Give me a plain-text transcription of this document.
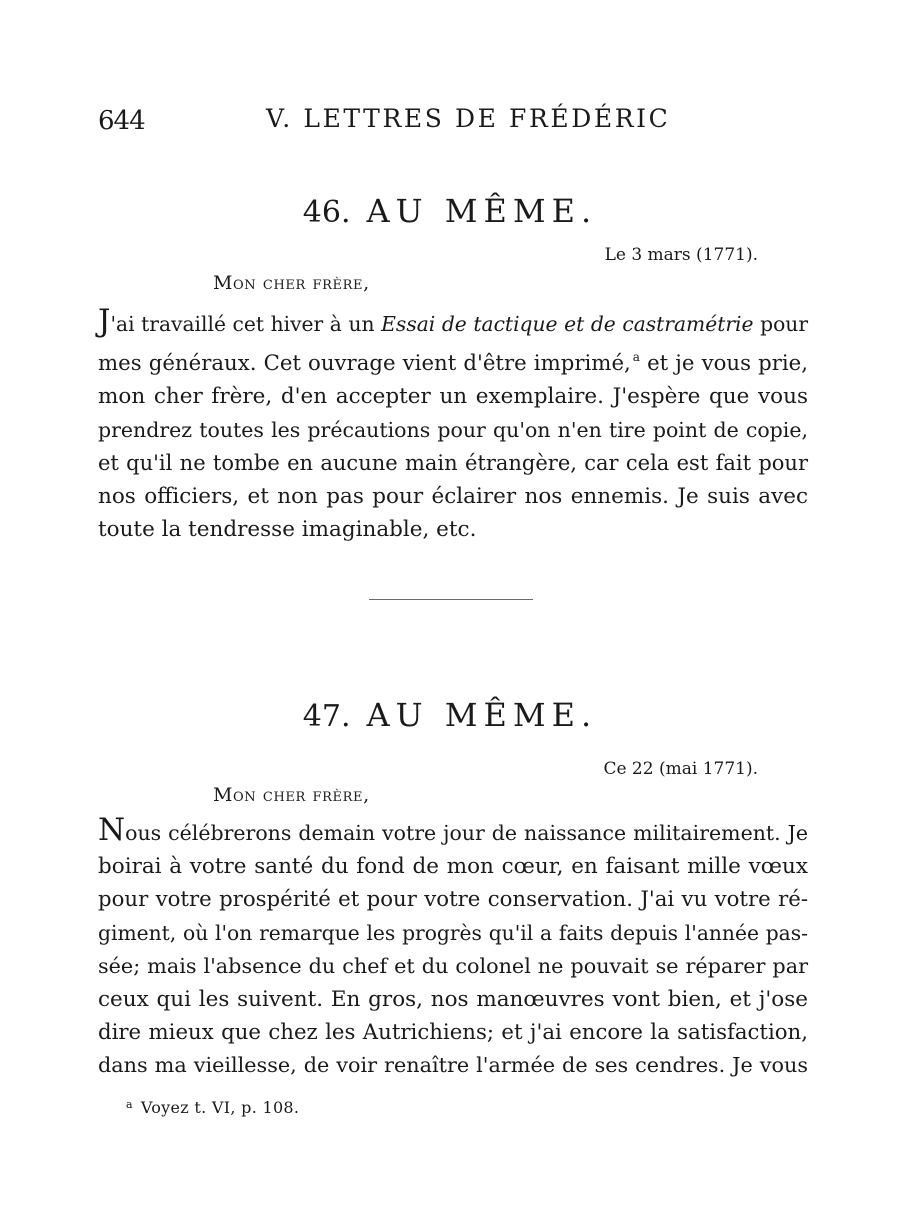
644	V. LETTRES DE FRÉDÉRIC
46. AU MÊME.
Le 3 mars (1771).
Mon cher frère,
J'ai travaillé cet hiver à un Essai de tactique et de castramétrie pour
mes généraux. Cet ouvrage vient d'être imprimé, $^a$ et je vous prie,
mon cher frère, d'en accepter un exemplaire. J'espère que vous
prendrez toutes les précautions pour qu'on n'en tire point de copie,
et qu'il ne tombe en aucune main étrangère, car cela est fait pour
nos officiers, et non pas pour éclairer nos ennemis. Je suis avec
toute la tendresse imaginable, etc.
47. AU MÊME.
Ce 22 (mai 1771).
Mon cher frère,
Nous célébrerons demain votre jour de naissance militairement. Je
boirai à votre santé du fond de mon cœur, en faisant mille vœux
pour votre prospérité et pour votre conservation. J'ai vu votre ré-
giment, où l'on remarque les progrès qu'il a faits depuis l'année pas-
sée; mais l'absence du chef et du colonel ne pouvait se réparer par
ceux qui les suivent. En gros, nos manœuvres vont bien, et j'ose
dire mieux que chez les Autrichiens; et j'ai encore la satisfaction,
dans ma vieillesse, de voir renaître l'armée de ses cendres. Je vous
$^a$ Voyez t. VI, p. 108.
